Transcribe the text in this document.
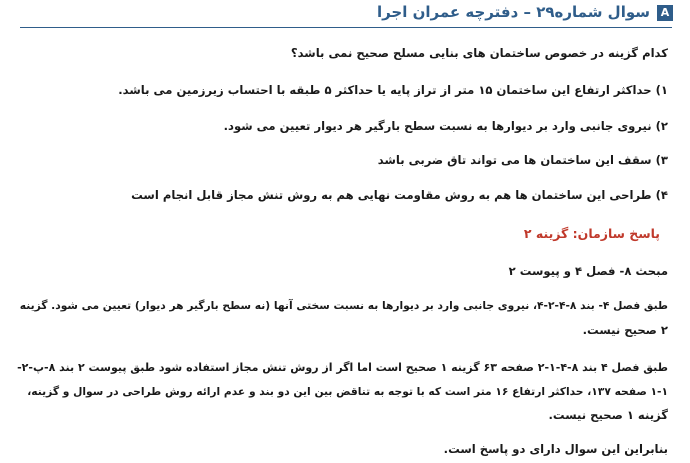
A
سوال شماره۲۹ – دفترچه عمران اجرا
کدام گزینه در خصوص ساختمان های بنایی مسلح صحیح نمی باشد؟
۱) حداکثر ارتفاع این ساختمان ۱۵ متر از تراز پایه یا حداکثر ۵ طبقه با احتساب زیرزمین می باشد.
۲) نیروی جانبی وارد بر دیوارها به نسبت سطح بارگیر هر دیوار تعیین می شود.
۳) سقف این ساختمان ها می تواند تاق ضربی باشد
۴) طراحی این ساختمان ها هم به روش مقاومت نهایی هم به روش تنش مجاز قابل انجام است
پاسخ سازمان: گزینه ۲
مبحث ۸- فصل ۴ و پیوست ۲
طبق فصل ۴- بند ۸-۴-۲-۴، نیروی جانبی وارد بر دیوارها به نسبت سختی آنها (نه سطح بارگیر هر دیوار) تعیین می شود. گزینه
۲ صحیح نیست.
طبق فصل ۴ بند ۸-۴-۱-۲ صفحه ۶۳ گزینه ۱ صحیح است اما اگر از روش تنش مجاز استفاده شود طبق پیوست ۲ بند ۸-پ-۲-
۱-۱ صفحه ۱۳۷، حداکثر ارتفاع ۱۶ متر است که با توجه به تناقض بین این دو بند و عدم ارائه روش طراحی در سوال و گزینه،
گزینه ۱ صحیح نیست.
بنابراین این سوال دارای دو پاسخ است.
